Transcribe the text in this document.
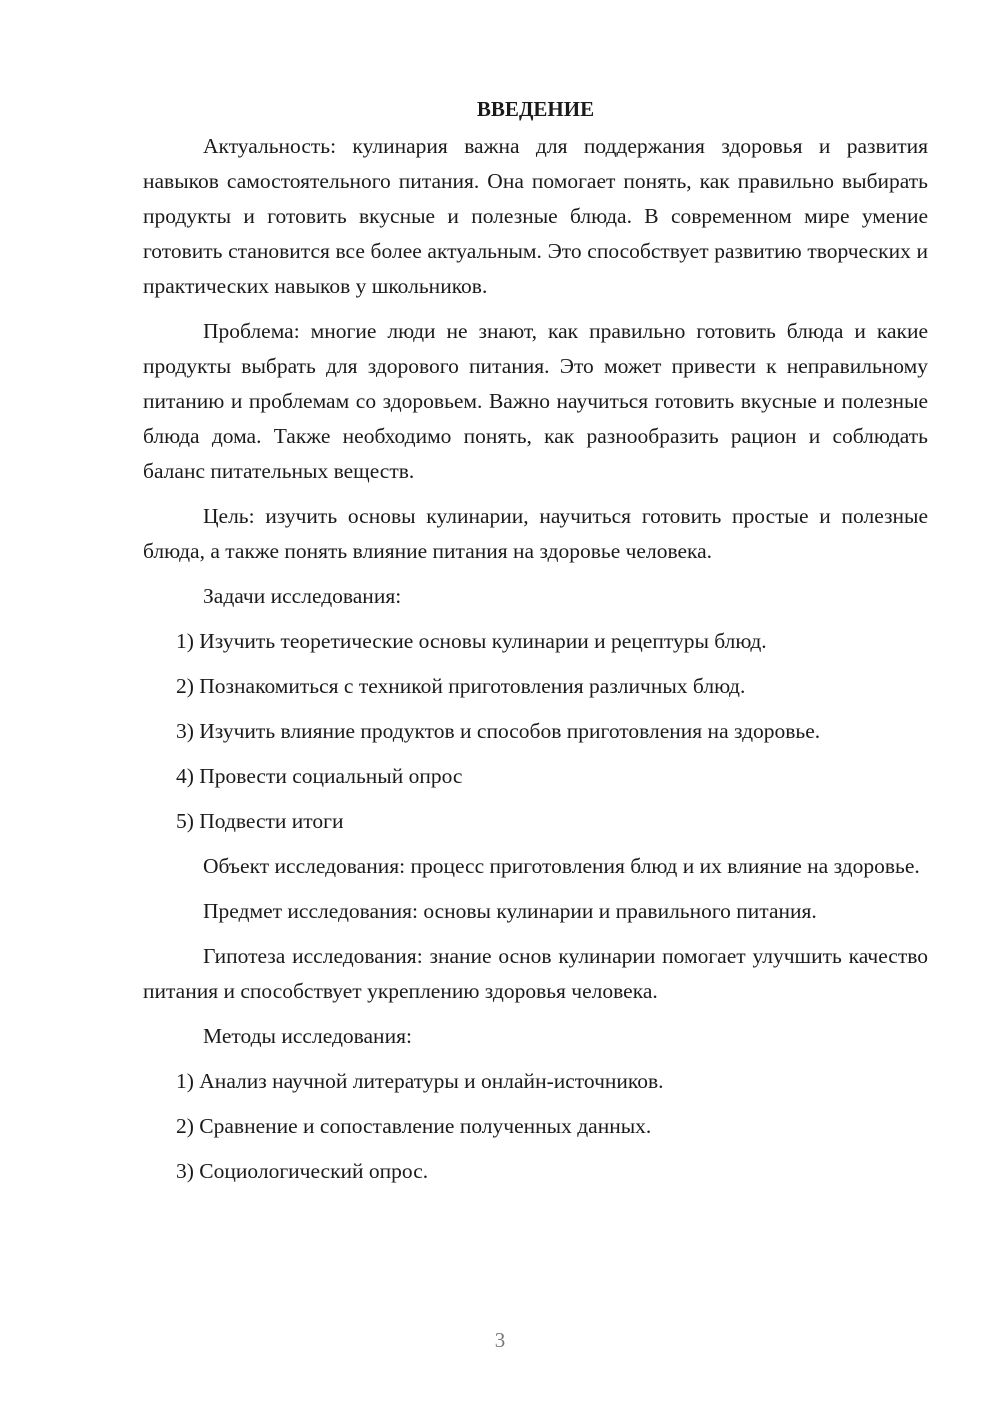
ВВЕДЕНИЕ

Актуальность: кулинария важна для поддержания здоровья и развития навыков самостоятельного питания. Она помогает понять, как правильно выбирать продукты и готовить вкусные и полезные блюда. В современном мире умение готовить становится все более актуальным. Это способствует развитию творческих и практических навыков у школьников.

Проблема: многие люди не знают, как правильно готовить блюда и какие продукты выбрать для здорового питания. Это может привести к неправильному питанию и проблемам со здоровьем. Важно научиться готовить вкусные и полезные блюда дома. Также необходимо понять, как разнообразить рацион и соблюдать баланс питательных веществ.

Цель: изучить основы кулинарии, научиться готовить простые и полезные блюда, а также понять влияние питания на здоровье человека.

Задачи исследования:

1) Изучить теоретические основы кулинарии и рецептуры блюд.
2) Познакомиться с техникой приготовления различных блюд.
3) Изучить влияние продуктов и способов приготовления на здоровье.
4) Провести социальный опрос
5) Подвести итоги

Объект исследования: процесс приготовления блюд и их влияние на здоровье.

Предмет исследования: основы кулинарии и правильного питания.

Гипотеза исследования: знание основ кулинарии помогает улучшить качество питания и способствует укреплению здоровья человека.

Методы исследования:

1) Анализ научной литературы и онлайн-источников.
2) Сравнение и сопоставление полученных данных.
3) Социологический опрос.
3
